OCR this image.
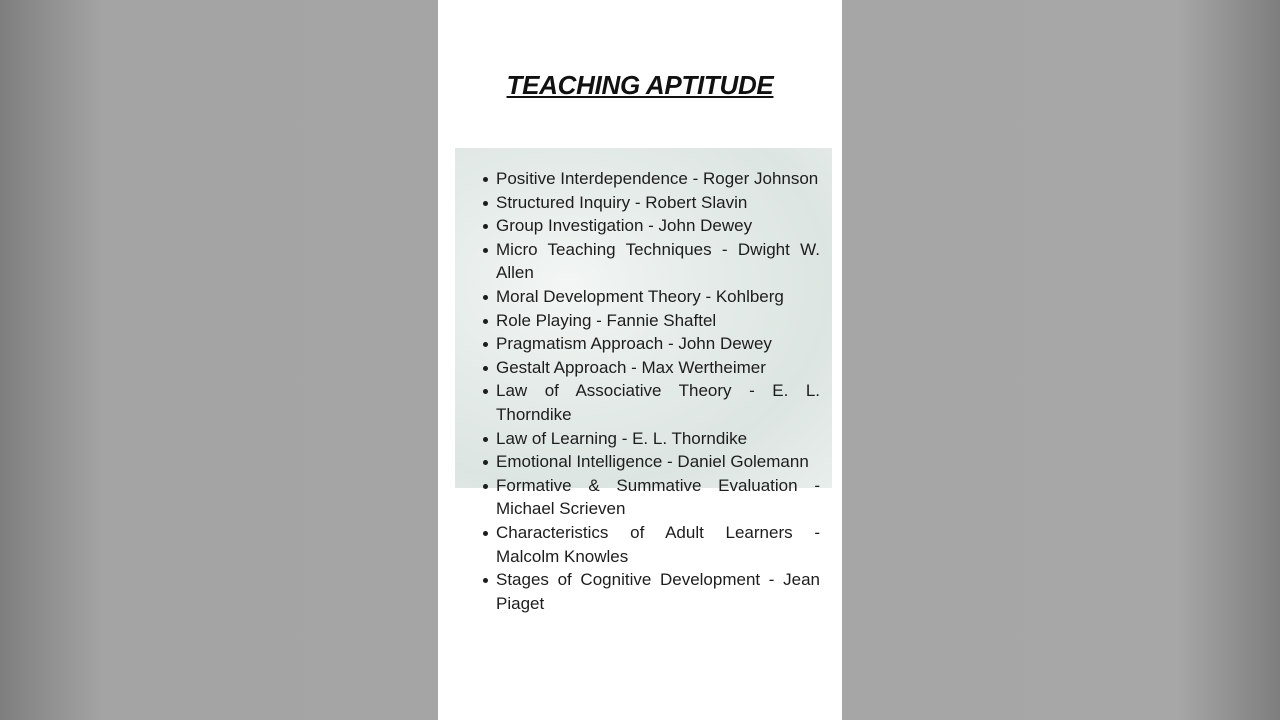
TEACHING APTITUDE
Positive Interdependence - Roger Johnson
Structured Inquiry - Robert Slavin
Group Investigation - John Dewey
Micro Teaching Techniques - Dwight W. Allen
Moral Development Theory - Kohlberg
Role Playing - Fannie Shaftel
Pragmatism Approach - John Dewey
Gestalt Approach - Max Wertheimer
Law of Associative Theory - E. L. Thorndike
Law of Learning - E. L. Thorndike
Emotional Intelligence - Daniel Golemann
Formative & Summative Evaluation - Michael Scrieven
Characteristics of Adult Learners - Malcolm Knowles
Stages of Cognitive Development - Jean Piaget
